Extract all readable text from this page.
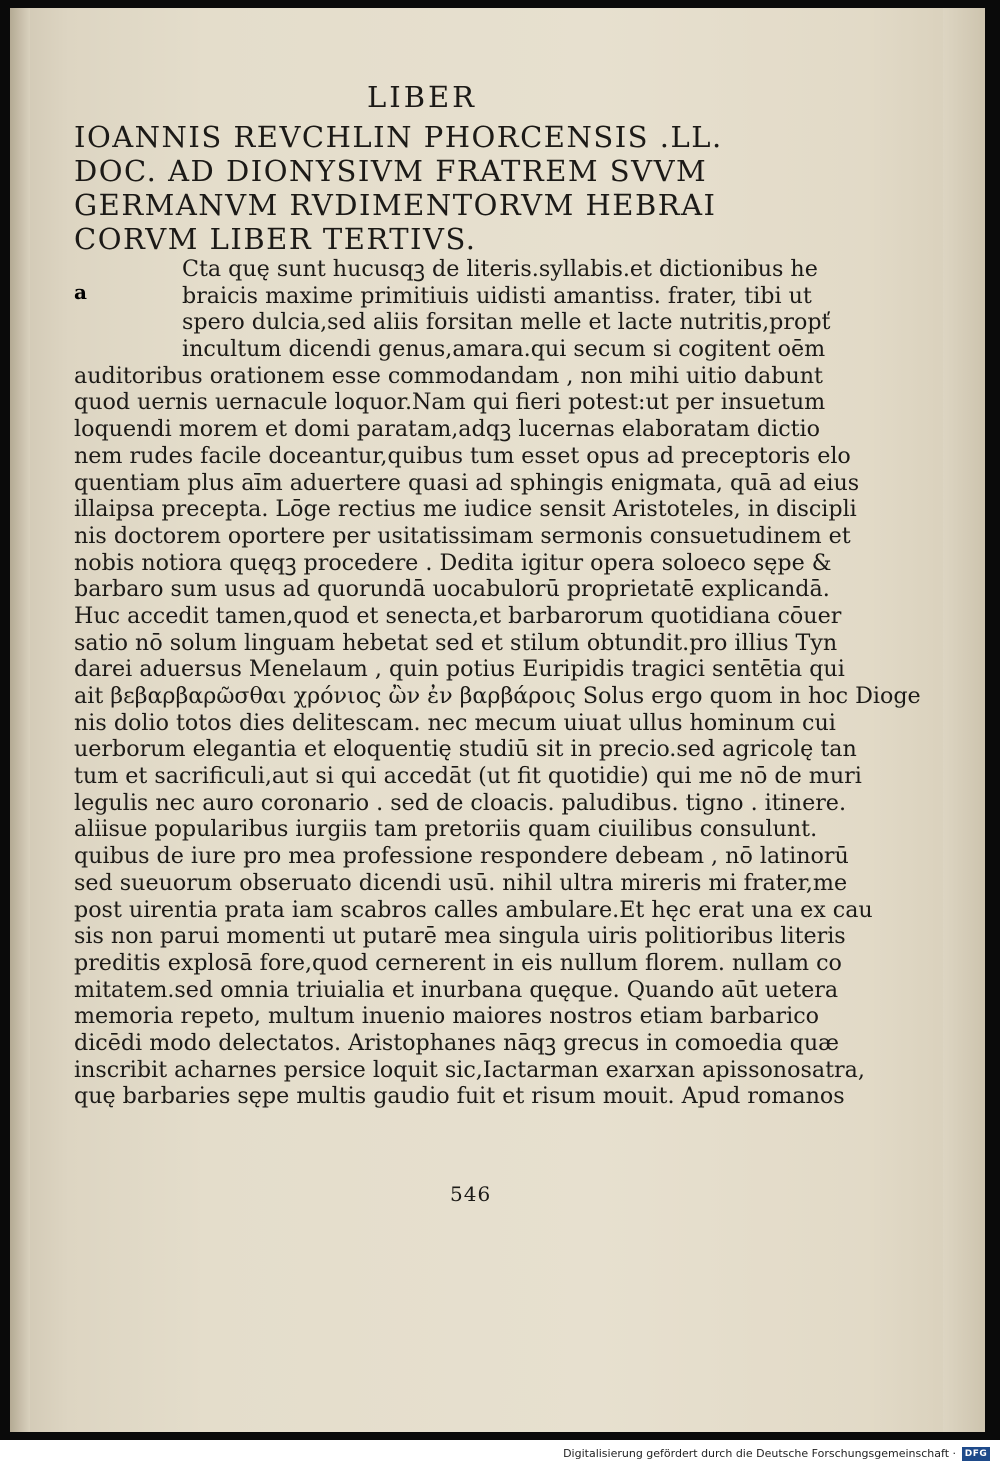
LIBER
IOANNIS REVCHLIN PHORCENSIS .LL.
DOC. AD DIONYSIVM FRATREM SVVM
GERMANVM RVDIMENTORVM HEBRAI
CORVM LIBER TERTIVS.
Cta quę sunt hucusqꝫ de literis.syllabis.et dictionibus he
braicis maxime primitiuis uidisti amantiss. frater, tibi ut
spero dulcia,sed aliis forsitan melle et lacte nutritis,propť
incultum dicendi genus,amara.qui secum si cogitent oēm
auditoribus orationem esse commodandam , non mihi uitio dabunt
quod uernis uernacule loquor.Nam qui fieri potest:ut per insuetum
loquendi morem et domi paratam,adqꝫ lucernas elaboratam dictio
nem rudes facile doceantur,quibus tum esset opus ad preceptoris elo
quentiam plus aīm aduertere quasi ad sphingis enigmata, quā ad eius
illaipsa precepta. Lōge rectius me iudice sensit Aristoteles, in discipli
nis doctorem oportere per usitatissimam sermonis consuetudinem et
nobis notiora quęqꝫ procedere . Dedita igitur opera soloeco sępe &
barbaro sum usus ad quorundā uocabulorū proprietatē explicandā.
Huc accedit tamen,quod et senecta,et barbarorum quotidiana cōuer
satio nō solum linguam hebetat sed et stilum obtundit.pro illius Tyn
darei aduersus Menelaum , quin potius Euripidis tragici sentētia qui
ait βεβαρβαρῶσθαι χρόνιος ὢν ἐν βαρβάροις Solus ergo quom in hoc Dioge
nis dolio totos dies delitescam. nec mecum uiuat ullus hominum cui
uerborum elegantia et eloquentię studiū sit in precio.sed agricolę tan
tum et sacrificuli,aut si qui accedāt (ut fit quotidie) qui me nō de muri
legulis nec auro coronario . sed de cloacis. paludibus. tigno . itinere.
aliisue popularibus iurgiis tam pretoriis quam ciuilibus consulunt.
quibus de iure pro mea professione respondere debeam , nō latinorū
sed sueuorum obseruato dicendi usū. nihil ultra mireris mi frater,me
post uirentia prata iam scabros calles ambulare.Et hęc erat una ex cau
sis non parui momenti ut putarē mea singula uiris politioribus literis
preditis explosā fore,quod cernerent in eis nullum florem. nullam co
mitatem.sed omnia triuialia et inurbana quęque. Quando aūt uetera
memoria repeto, multum inuenio maiores nostros etiam barbarico
dicēdi modo delectatos. Aristophanes nāqꝫ grecus in comoedia quæ
inscribit acharnes persice loquit sic,Iactarman exarxan apissonosatra,
quę barbaries sępe multis gaudio fuit et risum mouit. Apud romanos
546
a
Digitalisierung gefördert durch die Deutsche Forschungsgemeinschaft · DFG
